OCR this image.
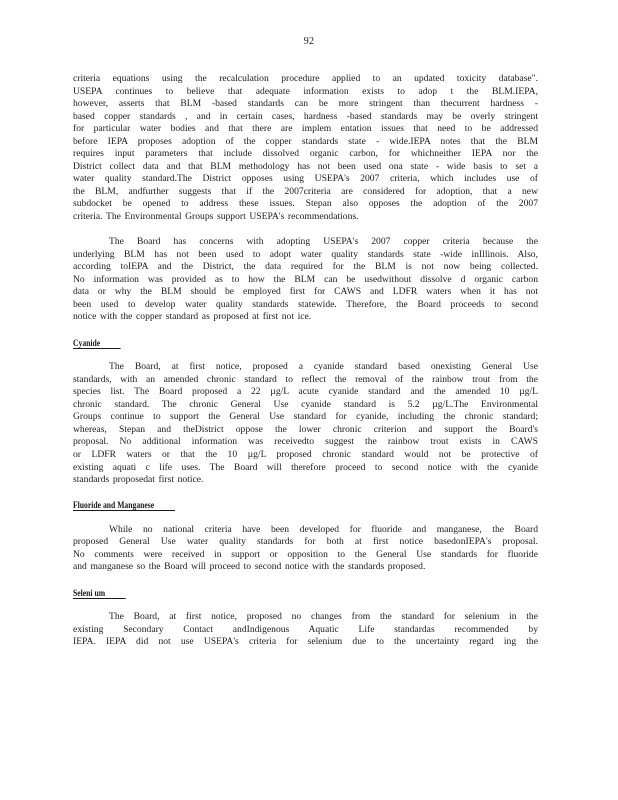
92
criteria equations using the recalculation procedure applied to an updated toxicity database".
USEPA continues to believe that adequate information exists to adop t the BLM.IEPA,
however, asserts that BLM -based standards can be more stringent than thecurrent hardness -
based copper standards , and in certain cases, hardness -based standards may be overly stringent
for particular water bodies and that there are implem entation issues that need to be addressed
before IEPA proposes adoption of the copper standards state - wide.IEPA notes that the BLM
requires input parameters that include dissolved organic carbon, for whichneither IEPA nor the
District collect data and that BLM methodology has not been used ona state - wide basis to set a
water quality standard.The District opposes using USEPA's 2007 criteria, which includes use of
the BLM, andfurther suggests that if the 2007criteria are considered for adoption, that a new
subdocket be opened to address these issues. Stepan also opposes the adoption of the 2007
criteria. The Environmental Groups support USEPA's recommendations.
The Board has concerns with adopting USEPA's 2007 copper criteria because the
underlying BLM has not been used to adopt water quality standards state -wide inIllinois. Also,
according toIEPA and the District, the data required for the BLM is not now being collected.
No information was provided as to how the BLM can be usedwithout dissolve d organic carbon
data or why the BLM should be employed first for CAWS and LDFR waters when it has not
been used to develop water quality standards statewide. Therefore, the Board proceeds to second
notice with the copper standard as proposed at first not ice.
Cyanide
The Board, at first notice, proposed a cyanide standard based onexisting General Use
standards, with an amended chronic standard to reflect the removal of the rainbow trout from the
species list. The Board proposed a 22 µg/L acute cyanide standard and the amended 10 µg/L
chronic standard. The chronic General Use cyanide standard is 5.2 µg/L.The Environmental
Groups continue to support the General Use standard for cyanide, including the chronic standard;
whereas, Stepan and theDistrict oppose the lower chronic criterion and support the Board's
proposal. No additional information was receivedto suggest the rainbow trout exists in CAWS
or LDFR waters or that the 10 µg/L proposed chronic standard would not be protective of
existing aquati c life uses. The Board will therefore proceed to second notice with the cyanide
standards proposedat first notice.
Fluoride and Manganese
While no national criteria have been developed for fluoride and manganese, the Board
proposed General Use water quality standards for both at first notice basedonIEPA's proposal.
No comments were received in support or opposition to the General Use standards for fluoride
and manganese so the Board will proceed to second notice with the standards proposed.
Seleni um
The Board, at first notice, proposed no changes from the standard for selenium in the
existing Secondary Contact andIndigenous Aquatic Life standardas recommended by
IEPA. IEPA did not use USEPA's criteria for selenium due to the uncertainty regard ing the
